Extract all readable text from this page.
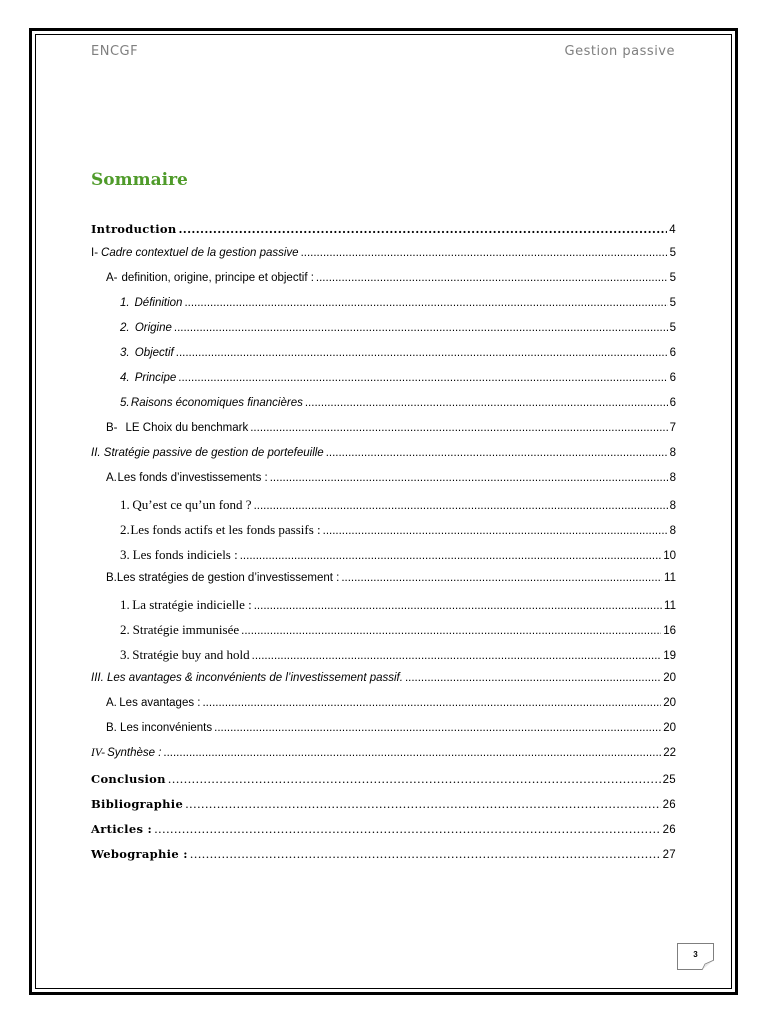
ENCGF	Gestion passive
Sommaire
Introduction .....	4
I- Cadre contextuel de la gestion passive .....	5
A- definition, origine, principe et objectif : .....	5
1. Définition .....	5
2. Origine .....	5
3. Objectif .....	6
4. Principe .....	6
5. Raisons économiques financières .....	6
B- LE Choix du benchmark .....	7
II. Stratégie passive de gestion de portefeuille .....	8
A. Les fonds d’investissements : .....	8
1. Qu’est ce qu’un fond ? .....	8
2. Les fonds actifs et les fonds passifs : .....	8
3. Les fonds indiciels : .....	10
B. Les stratégies de gestion d’investissement : .....	11
1. La stratégie indicielle : .....	11
2. Stratégie immunisée .....	16
3. Stratégie buy and hold .....	19
III. Les avantages & inconvénients de l’investissement passif. .....	20
A. Les avantages : .....	20
B. Les inconvénients .....	20
IV- Synthèse : .....	22
Conclusion .....	25
Bibliographie .....	26
Articles : .....	26
Webographie : .....	27
3
